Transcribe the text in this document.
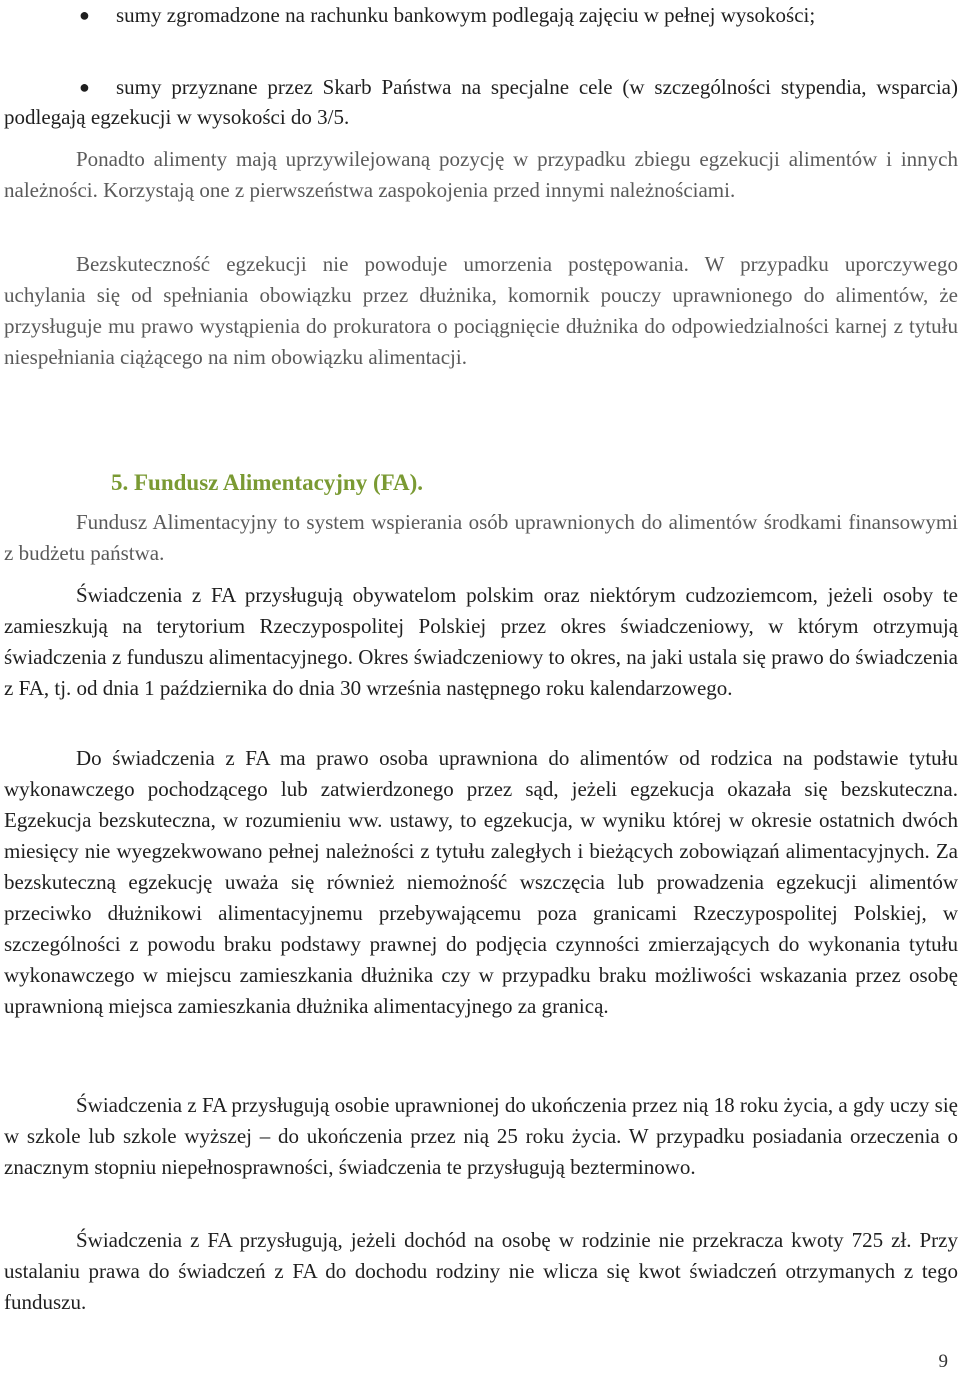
●	sumy zgromadzone na rachunku bankowym podlegają zajęciu w pełnej wysokości;
●	sumy przyznane przez Skarb Państwa na specjalne cele (w szczególności stypendia, wsparcia) podlegają egzekucji w wysokości do 3/5.

Ponadto alimenty mają uprzywilejowaną pozycję w przypadku zbiegu egzekucji alimentów i innych należności. Korzystają one z pierwszeństwa zaspokojenia przed innymi należnościami.

Bezskuteczność egzekucji nie powoduje umorzenia postępowania. W przypadku uporczywego uchylania się od spełniania obowiązku przez dłużnika, komornik pouczy uprawnionego do alimentów, że przysługuje mu prawo wystąpienia do prokuratora o pociągnięcie dłużnika do odpowiedzialności karnej z tytułu niespełniania ciążącego na nim obowiązku alimentacji.

5. Fundusz Alimentacyjny (FA).

Fundusz Alimentacyjny to system wspierania osób uprawnionych do alimentów środkami finansowymi z budżetu państwa.

Świadczenia z FA przysługują obywatelom polskim oraz niektórym cudzoziemcom, jeżeli osoby te zamieszkują na terytorium Rzeczypospolitej Polskiej przez okres świadczeniowy, w którym otrzymują świadczenia z funduszu alimentacyjnego. Okres świadczeniowy to okres, na jaki ustala się prawo do świadczenia z FA, tj. od dnia 1 października do dnia 30 września następnego roku kalendarzowego.

Do świadczenia z FA ma prawo osoba uprawniona do alimentów od rodzica na podstawie tytułu wykonawczego pochodzącego lub zatwierdzonego przez sąd, jeżeli egzekucja okazała się bezskuteczna. Egzekucja bezskuteczna, w rozumieniu ww. ustawy, to egzekucja, w wyniku której w okresie ostatnich dwóch miesięcy nie wyegzekwowano pełnej należności z tytułu zaległych i bieżących zobowiązań alimentacyjnych. Za bezskuteczną egzekucję uważa się również niemożność wszczęcia lub prowadzenia egzekucji alimentów przeciwko dłużnikowi alimentacyjnemu przebywającemu poza granicami Rzeczypospolitej Polskiej, w szczególności z powodu braku podstawy prawnej do podjęcia czynności zmierzających do wykonania tytułu wykonawczego w miejscu zamieszkania dłużnika czy w przypadku braku możliwości wskazania przez osobę uprawnioną miejsca zamieszkania dłużnika alimentacyjnego za granicą.

Świadczenia z FA przysługują osobie uprawnionej do ukończenia przez nią 18 roku życia, a gdy uczy się w szkole lub szkole wyższej – do ukończenia przez nią 25 roku życia. W przypadku posiadania orzeczenia o znacznym stopniu niepełnosprawności, świadczenia te przysługują bezterminowo.

Świadczenia z FA przysługują, jeżeli dochód na osobę w rodzinie nie przekracza kwoty 725 zł. Przy ustalaniu prawa do świadczeń z FA do dochodu rodziny nie wlicza się kwot świadczeń otrzymanych z tego funduszu.

9
